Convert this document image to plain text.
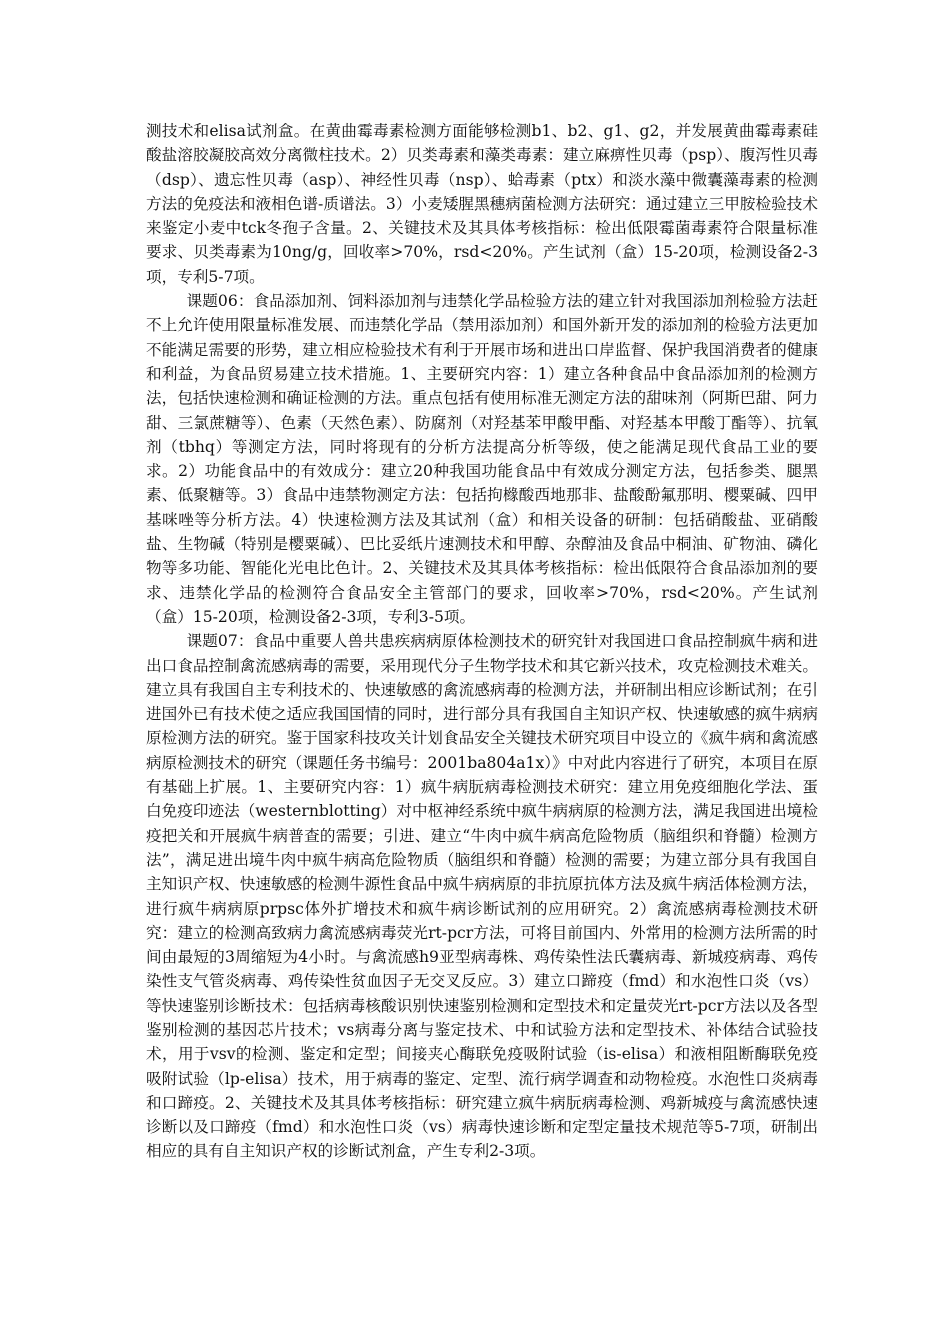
测技术和elisa试剂盒。在黄曲霉毒素检测方面能够检测b1、b2、g1、g2，并发展黄曲霉毒素硅酸盐溶胶凝胶高效分离微柱技术。2）贝类毒素和藻类毒素：建立麻痹性贝毒（psp）、腹泻性贝毒（dsp）、遗忘性贝毒（asp）、神经性贝毒（nsp）、蛤毒素（ptx）和淡水藻中微囊藻毒素的检测方法的免疫法和液相色谱-质谱法。3）小麦矮腥黑穗病菌检测方法研究：通过建立三甲胺检验技术来鉴定小麦中tck冬孢子含量。2、关键技术及其具体考核指标：检出低限霉菌毒素符合限量标准要求、贝类毒素为10ng/g，回收率>70%，rsd<20%。产生试剂（盒）15-20项，检测设备2-3项，专利5-7项。

课题06：食品添加剂、饲料添加剂与违禁化学品检验方法的建立针对我国添加剂检验方法赶不上允许使用限量标准发展、而违禁化学品（禁用添加剂）和国外新开发的添加剂的检验方法更加不能满足需要的形势，建立相应检验技术有利于开展市场和进出口岸监督、保护我国消费者的健康和利益，为食品贸易建立技术措施。1、主要研究内容：1）建立各种食品中食品添加剂的检测方法，包括快速检测和确证检测的方法。重点包括有使用标准无测定方法的甜味剂（阿斯巴甜、阿力甜、三氯蔗糖等）、色素（天然色素）、防腐剂（对羟基苯甲酸甲酯、对羟基本甲酸丁酯等）、抗氧剂（tbhq）等测定方法，同时将现有的分析方法提高分析等级，使之能满足现代食品工业的要求。2）功能食品中的有效成分：建立20种我国功能食品中有效成分测定方法，包括参类、腿黑素、低聚糖等。3）食品中违禁物测定方法：包括拘橼酸西地那非、盐酸酚氟那明、樱粟碱、四甲基咪唑等分析方法。4）快速检测方法及其试剂（盒）和相关设备的研制：包括硝酸盐、亚硝酸盐、生物碱（特别是樱粟碱）、巴比妥纸片速测技术和甲醇、杂醇油及食品中桐油、矿物油、磷化物等多功能、智能化光电比色计。2、关键技术及其具体考核指标：检出低限符合食品添加剂的要求、违禁化学品的检测符合食品安全主管部门的要求，回收率>70%，rsd<20%。产生试剂（盒）15-20项，检测设备2-3项，专利3-5项。

课题07：食品中重要人兽共患疾病病原体检测技术的研究针对我国进口食品控制疯牛病和进出口食品控制禽流感病毒的需要，采用现代分子生物学技术和其它新兴技术，攻克检测技术难关。建立具有我国自主专利技术的、快速敏感的禽流感病毒的检测方法，并研制出相应诊断试剂；在引进国外已有技术使之适应我国国情的同时，进行部分具有我国自主知识产权、快速敏感的疯牛病病原检测方法的研究。鉴于国家科技攻关计划食品安全关键技术研究项目中设立的《疯牛病和禽流感病原检测技术的研究（课题任务书编号：2001ba804a1x）》中对此内容进行了研究，本项目在原有基础上扩展。1、主要研究内容：1）疯牛病朊病毒检测技术研究：建立用免疫细胞化学法、蛋白免疫印迹法（westernblotting）对中枢神经系统中疯牛病病原的检测方法，满足我国进出境检疫把关和开展疯牛病普查的需要；引进、建立“牛肉中疯牛病高危险物质（脑组织和脊髓）检测方法”，满足进出境牛肉中疯牛病高危险物质（脑组织和脊髓）检测的需要；为建立部分具有我国自主知识产权、快速敏感的检测牛源性食品中疯牛病病原的非抗原抗体方法及疯牛病活体检测方法，进行疯牛病病原prpsc体外扩增技术和疯牛病诊断试剂的应用研究。2）禽流感病毒检测技术研究：建立的检测高致病力禽流感病毒荧光rt-pcr方法，可将目前国内、外常用的检测方法所需的时间由最短的3周缩短为4小时。与禽流感h9亚型病毒株、鸡传染性法氏囊病毒、新城疫病毒、鸡传染性支气管炎病毒、鸡传染性贫血因子无交叉反应。3）建立口蹄疫（fmd）和水泡性口炎（vs）等快速鉴别诊断技术：包括病毒核酸识别快速鉴别检测和定型技术和定量荧光rt-pcr方法以及各型鉴别检测的基因芯片技术；vs病毒分离与鉴定技术、中和试验方法和定型技术、补体结合试验技术，用于vsv的检测、鉴定和定型；间接夹心酶联免疫吸附试验（is-elisa）和液相阻断酶联免疫吸附试验（lp-elisa）技术，用于病毒的鉴定、定型、流行病学调查和动物检疫。水泡性口炎病毒和口蹄疫。2、关键技术及其具体考核指标：研究建立疯牛病朊病毒检测、鸡新城疫与禽流感快速诊断以及口蹄疫（fmd）和水泡性口炎（vs）病毒快速诊断和定型定量技术规范等5-7项，研制出相应的具有自主知识产权的诊断试剂盒，产生专利2-3项。
